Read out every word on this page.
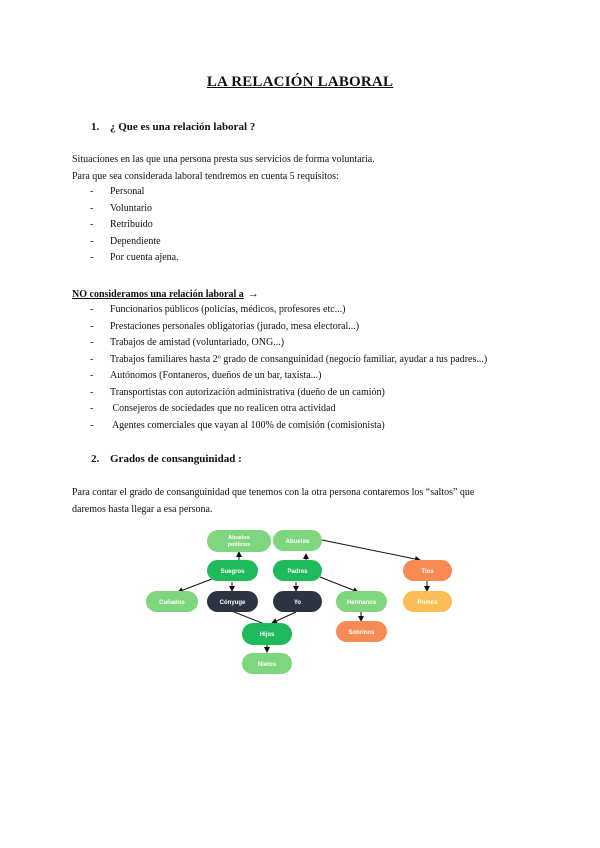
LA RELACIÓN LABORAL
1. ¿ Que es una relación laboral ?
Situaciones en las que una persona presta sus servicios de forma voluntaria.
Para que sea considerada laboral tendremos en cuenta 5 requisitos:
- Personal
- Voluntario
- Retribuido
- Dependiente
- Por cuenta ajena.
NO consideramos una relación laboral a →
- Funcionarios públicos (policías, médicos, profesores etc...)
- Prestaciones personales obligatorias (jurado, mesa electoral...)
- Trabajos de amistad (voluntariado, ONG...)
- Trabajos familiares hasta 2º grado de consanguinidad (negocio familiar, ayudar a tus padres...)
- Autónomos (Fontaneros, dueños de un bar, taxista...)
- Transportistas con autorización administrativa (dueño de un camión)
- Consejeros de sociedades que no realicen otra actividad
- Agentes comerciales que vayan al 100% de comisión (comisionista)
2. Grados de consanguinidad :
Para contar el grado de consanguinidad que tenemos con la otra persona contaremos los “saltos” que
daremos hasta llegar a esa persona.
Abuelos
políticos	Abuelos
Suegros	Padres	Tíos
Cuñados	Cónyuge	Yo	Hermanos	Primos
Sobrinos
Hijos
Nietos
